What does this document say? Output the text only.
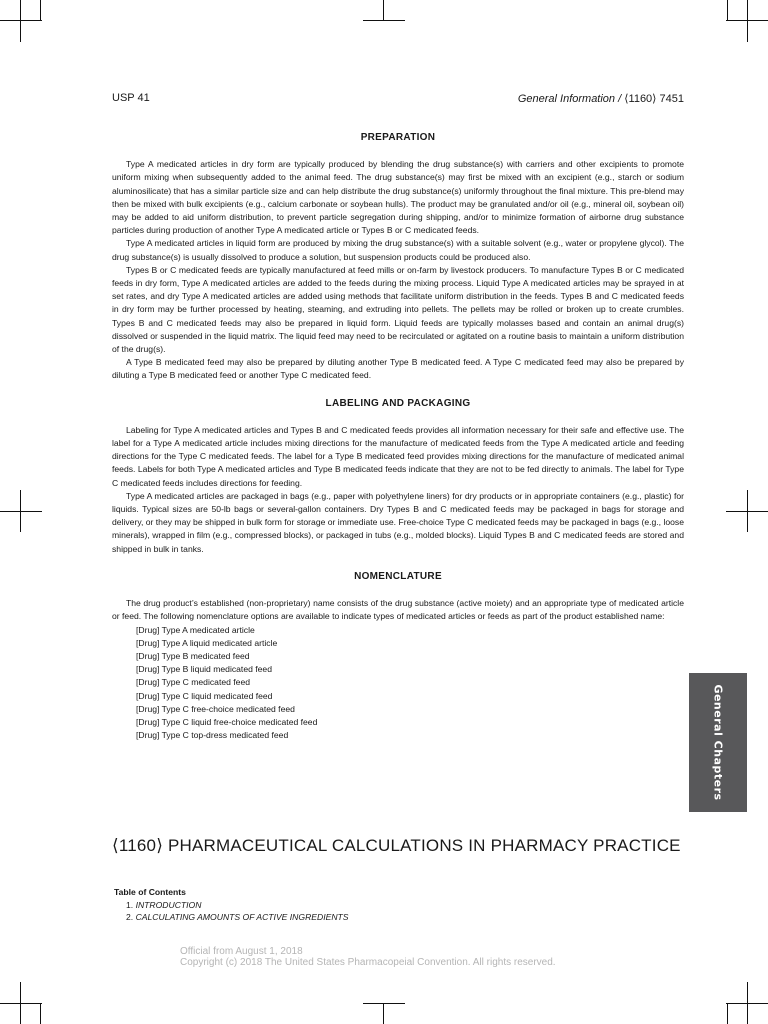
USP 41	General Information / ⟨1160⟩ 7451
PREPARATION

Type A medicated articles in dry form are typically produced by blending the drug substance(s) with carriers and other excipients to promote uniform mixing when subsequently added to the animal feed. The drug substance(s) may first be mixed with an excipient (e.g., starch or sodium aluminosilicate) that has a similar particle size and can help distribute the drug substance(s) uniformly throughout the final mixture. This pre-blend may then be mixed with bulk excipients (e.g., calcium carbonate or soybean hulls). The product may be granulated and/or oil (e.g., mineral oil, soybean oil) may be added to aid uniform distribution, to prevent particle segregation during shipping, and/or to minimize formation of airborne drug substance particles during production of another Type A medicated article or Types B or C medicated feeds.

Type A medicated articles in liquid form are produced by mixing the drug substance(s) with a suitable solvent (e.g., water or propylene glycol). The drug substance(s) is usually dissolved to produce a solution, but suspension products could be produced also.

Types B or C medicated feeds are typically manufactured at feed mills or on-farm by livestock producers. To manufacture Types B or C medicated feeds in dry form, Type A medicated articles are added to the feeds during the mixing process. Liquid Type A medicated articles may be sprayed in at set rates, and dry Type A medicated articles are added using methods that facilitate uniform distribution in the feeds. Types B and C medicated feeds in dry form may be further processed by heating, steaming, and extruding into pellets. The pellets may be rolled or broken up to create crumbles. Types B and C medicated feeds may also be prepared in liquid form. Liquid feeds are typically molasses based and contain an animal drug(s) dissolved or suspended in the liquid matrix. The liquid feed may need to be recirculated or agitated on a routine basis to maintain a uniform distribution of the drug(s).

A Type B medicated feed may also be prepared by diluting another Type B medicated feed. A Type C medicated feed may also be prepared by diluting a Type B medicated feed or another Type C medicated feed.

LABELING AND PACKAGING

Labeling for Type A medicated articles and Types B and C medicated feeds provides all information necessary for their safe and effective use. The label for a Type A medicated article includes mixing directions for the manufacture of medicated feeds from the Type A medicated article and feeding directions for the Type C medicated feeds. The label for a Type B medicated feed provides mixing directions for the manufacture of medicated animal feeds. Labels for both Type A medicated articles and Type B medicated feeds indicate that they are not to be fed directly to animals. The label for Type C medicated feeds includes directions for feeding.

Type A medicated articles are packaged in bags (e.g., paper with polyethylene liners) for dry products or in appropriate containers (e.g., plastic) for liquids. Typical sizes are 50-lb bags or several-gallon containers. Dry Types B and C medicated feeds may be packaged in bags for storage and delivery, or they may be shipped in bulk form for storage or immediate use. Free-choice Type C medicated feeds may be packaged in bags (e.g., loose minerals), wrapped in film (e.g., compressed blocks), or packaged in tubs (e.g., molded blocks). Liquid Types B and C medicated feeds are stored and shipped in bulk in tanks.

NOMENCLATURE

The drug product’s established (non-proprietary) name consists of the drug substance (active moiety) and an appropriate type of medicated article or feed. The following nomenclature options are available to indicate types of medicated articles or feeds as part of the product established name:

[Drug] Type A medicated article
[Drug] Type A liquid medicated article
[Drug] Type B medicated feed
[Drug] Type B liquid medicated feed
[Drug] Type C medicated feed
[Drug] Type C liquid medicated feed
[Drug] Type C free-choice medicated feed
[Drug] Type C liquid free-choice medicated feed
[Drug] Type C top-dress medicated feed
⟨1160⟩ PHARMACEUTICAL CALCULATIONS IN PHARMACY PRACTICE
Table of Contents
1. INTRODUCTION
2. CALCULATING AMOUNTS OF ACTIVE INGREDIENTS
General Chapters
Official from August 1, 2018
Copyright (c) 2018 The United States Pharmacopeial Convention. All rights reserved.
